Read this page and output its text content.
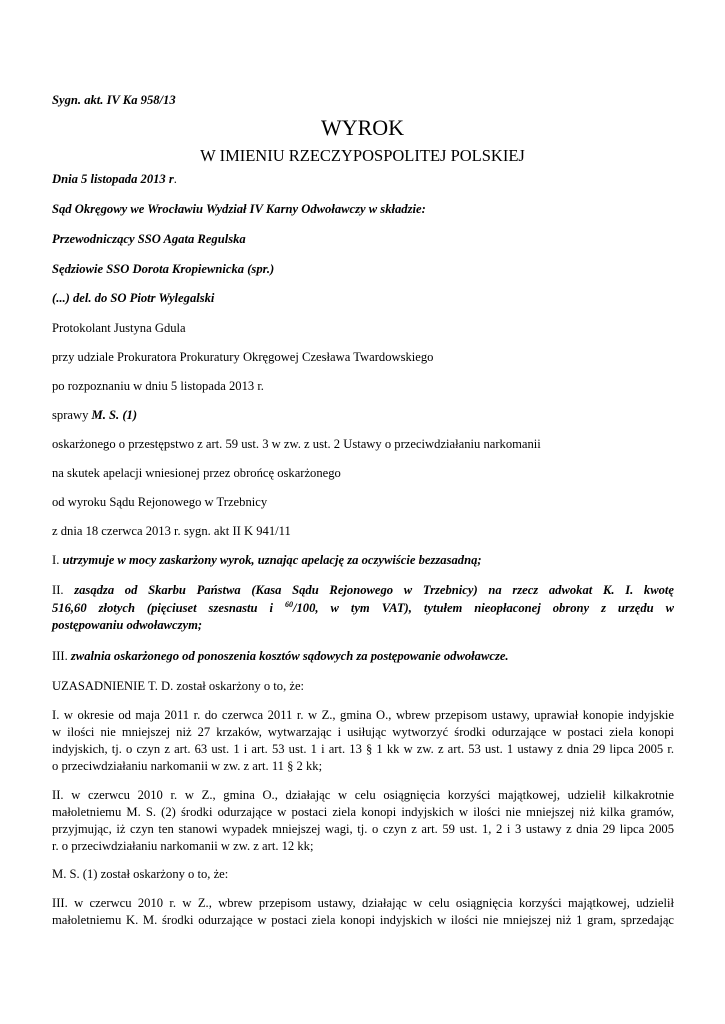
Sygn. akt. IV Ka 958/13
WYROK
W IMIENIU RZECZYPOSPOLITEJ POLSKIEJ
Dnia 5 listopada 2013 r.
Sąd Okręgowy we Wrocławiu Wydział IV Karny Odwoławczy w składzie:
Przewodniczący SSO Agata Regulska
Sędziowie SSO Dorota Kropiewnicka (spr.)
(...) del. do SO Piotr Wylegalski
Protokolant Justyna Gdula
przy udziale Prokuratora Prokuratury Okręgowej Czesława Twardowskiego
po rozpoznaniu w dniu 5 listopada 2013 r.
sprawy M. S. (1)
oskarżonego o przestępstwo z art. 59 ust. 3 w zw. z ust. 2 Ustawy o przeciwdziałaniu narkomanii
na skutek apelacji wniesionej przez obrońcę oskarżonego
od wyroku Sądu Rejonowego w Trzebnicy
z dnia 18 czerwca 2013 r. sygn. akt II K 941/11
I. utrzymuje w mocy zaskarżony wyrok, uznając apelację za oczywiście bezzasadną;
II. zasądza od Skarbu Państwa (Kasa Sądu Rejonowego w Trzebnicy) na rzecz adwokat K. I. kwotę
516,60 złotych (pięciuset szesnastu i $^{60}$/100, w tym VAT), tytułem nieopłaconej obrony z urzędu w
postępowaniu odwoławczym;
III. zwalnia oskarżonego od ponoszenia kosztów sądowych za postępowanie odwoławcze.
UZASADNIENIE T. D. został oskarżony o to, że:
I. w okresie od maja 2011 r. do czerwca 2011 r. w Z., gmina O., wbrew przepisom ustawy, uprawiał konopie indyjskie
w ilości nie mniejszej niż 27 krzaków, wytwarzając i usiłując wytworzyć środki odurzające w postaci ziela konopi
indyjskich, tj. o czyn z art. 63 ust. 1 i art. 53 ust. 1 i art. 13 § 1 kk w zw. z art. 53 ust. 1 ustawy z dnia 29 lipca 2005 r.
o przeciwdziałaniu narkomanii w zw. z art. 11 § 2 kk;
II. w czerwcu 2010 r. w Z., gmina O., działając w celu osiągnięcia korzyści majątkowej, udzielił kilkakrotnie
małoletniemu M. S. (2) środki odurzające w postaci ziela konopi indyjskich w ilości nie mniejszej niż kilka gramów,
przyjmując, iż czyn ten stanowi wypadek mniejszej wagi, tj. o czyn z art. 59 ust. 1, 2 i 3 ustawy z dnia 29 lipca 2005
r. o przeciwdziałaniu narkomanii w zw. z art. 12 kk;
M. S. (1) został oskarżony o to, że:
III. w czerwcu 2010 r. w Z., wbrew przepisom ustawy, działając w celu osiągnięcia korzyści majątkowej, udzielił
małoletniemu K. M. środki odurzające w postaci ziela konopi indyjskich w ilości nie mniejszej niż 1 gram, sprzedając
